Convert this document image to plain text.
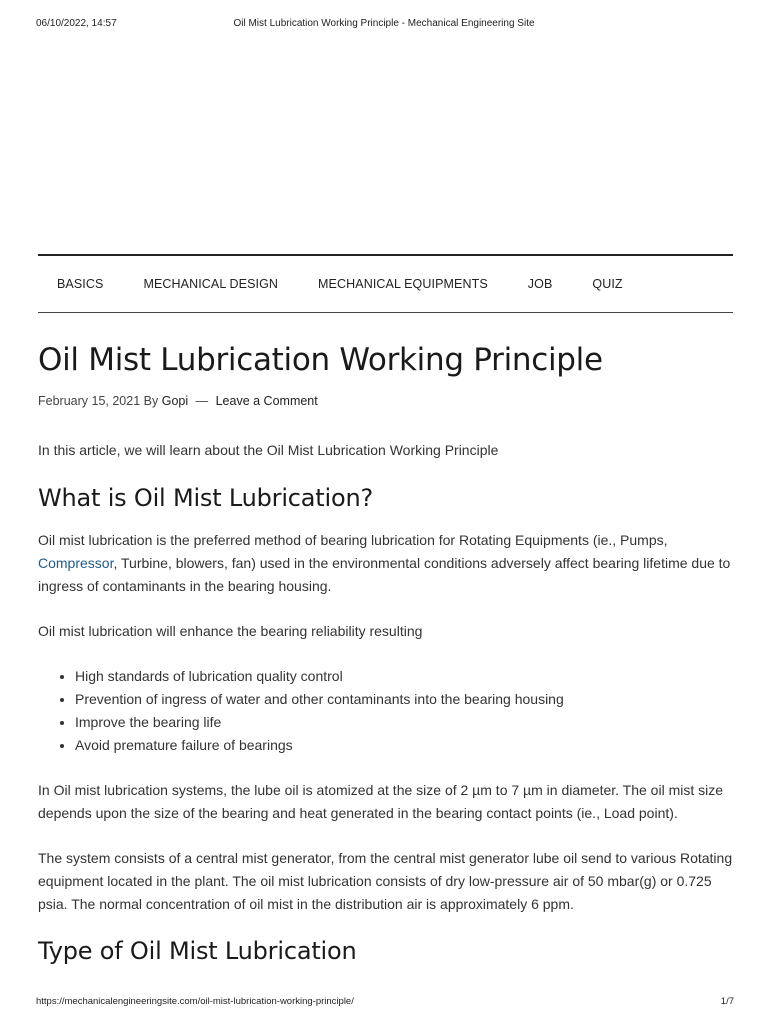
06/10/2022, 14:57	Oil Mist Lubrication Working Principle - Mechanical Engineering Site
BASICS	MECHANICAL DESIGN	MECHANICAL EQUIPMENTS	JOB	QUIZ
Oil Mist Lubrication Working Principle
February 15, 2021 By Gopi — Leave a Comment

In this article, we will learn about the Oil Mist Lubrication Working Principle

What is Oil Mist Lubrication?

Oil mist lubrication is the preferred method of bearing lubrication for Rotating Equipments (ie., Pumps, Compressor, Turbine, blowers, fan) used in the environmental conditions adversely affect bearing lifetime due to ingress of contaminants in the bearing housing.

Oil mist lubrication will enhance the bearing reliability resulting

• High standards of lubrication quality control
• Prevention of ingress of water and other contaminants into the bearing housing
• Improve the bearing life
• Avoid premature failure of bearings

In Oil mist lubrication systems, the lube oil is atomized at the size of 2 µm to 7 µm in diameter. The oil mist size depends upon the size of the bearing and heat generated in the bearing contact points (ie., Load point).

The system consists of a central mist generator, from the central mist generator lube oil send to various Rotating equipment located in the plant. The oil mist lubrication consists of dry low-pressure air of 50 mbar(g) or 0.725 psia. The normal concentration of oil mist in the distribution air is approximately 6 ppm.

Type of Oil Mist Lubrication
https://mechanicalengineeringsite.com/oil-mist-lubrication-working-principle/	1/7
